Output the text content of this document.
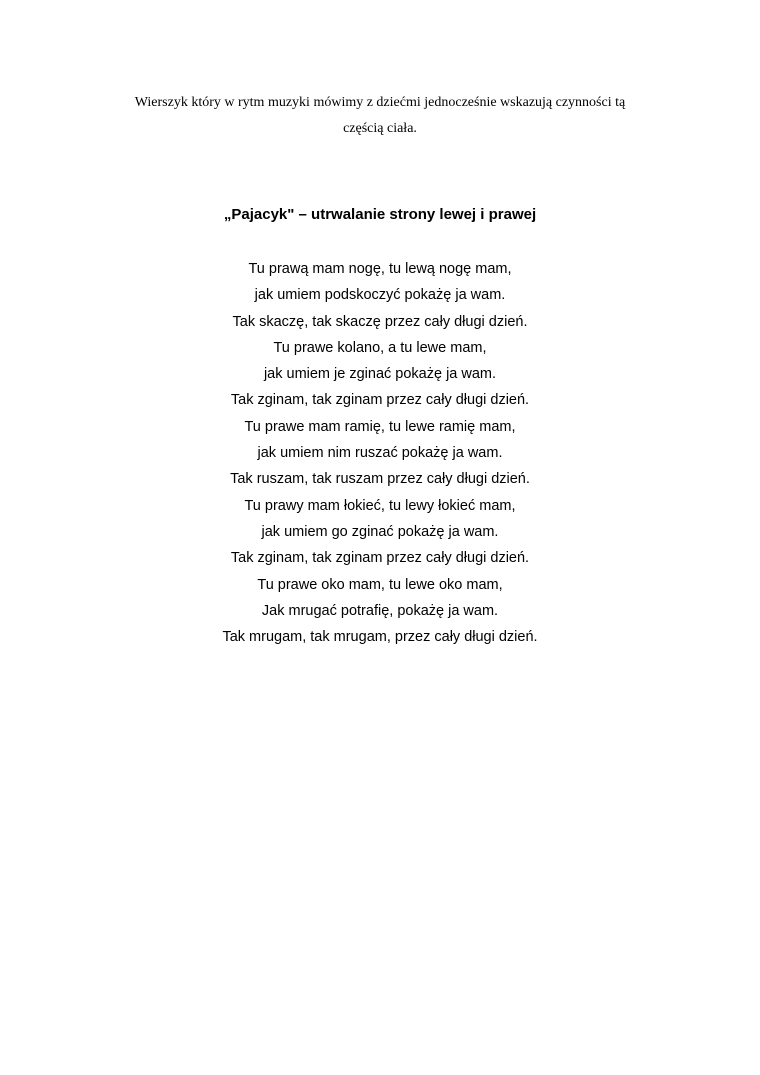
Wierszyk który w rytm muzyki mówimy z dziećmi jednocześnie wskazują czynności tą
częścią ciała.

„Pajacyk" – utrwalanie strony lewej i prawej
Tu prawą mam nogę, tu lewą nogę mam,
jak umiem podskoczyć pokażę ja wam.
Tak skaczę, tak skaczę przez cały długi dzień.
Tu prawe kolano, a tu lewe mam,
jak umiem je zginać pokażę ja wam.
Tak zginam, tak zginam przez cały długi dzień.
Tu prawe mam ramię, tu lewe ramię mam,
jak umiem nim ruszać pokażę ja wam.
Tak ruszam, tak ruszam przez cały długi dzień.
Tu prawy mam łokieć, tu lewy łokieć mam,
jak umiem go zginać pokażę ja wam.
Tak zginam, tak zginam przez cały długi dzień.
Tu prawe oko mam, tu lewe oko mam,
Jak mrugać potrafię, pokażę ja wam.
Tak mrugam, tak mrugam, przez cały długi dzień.
